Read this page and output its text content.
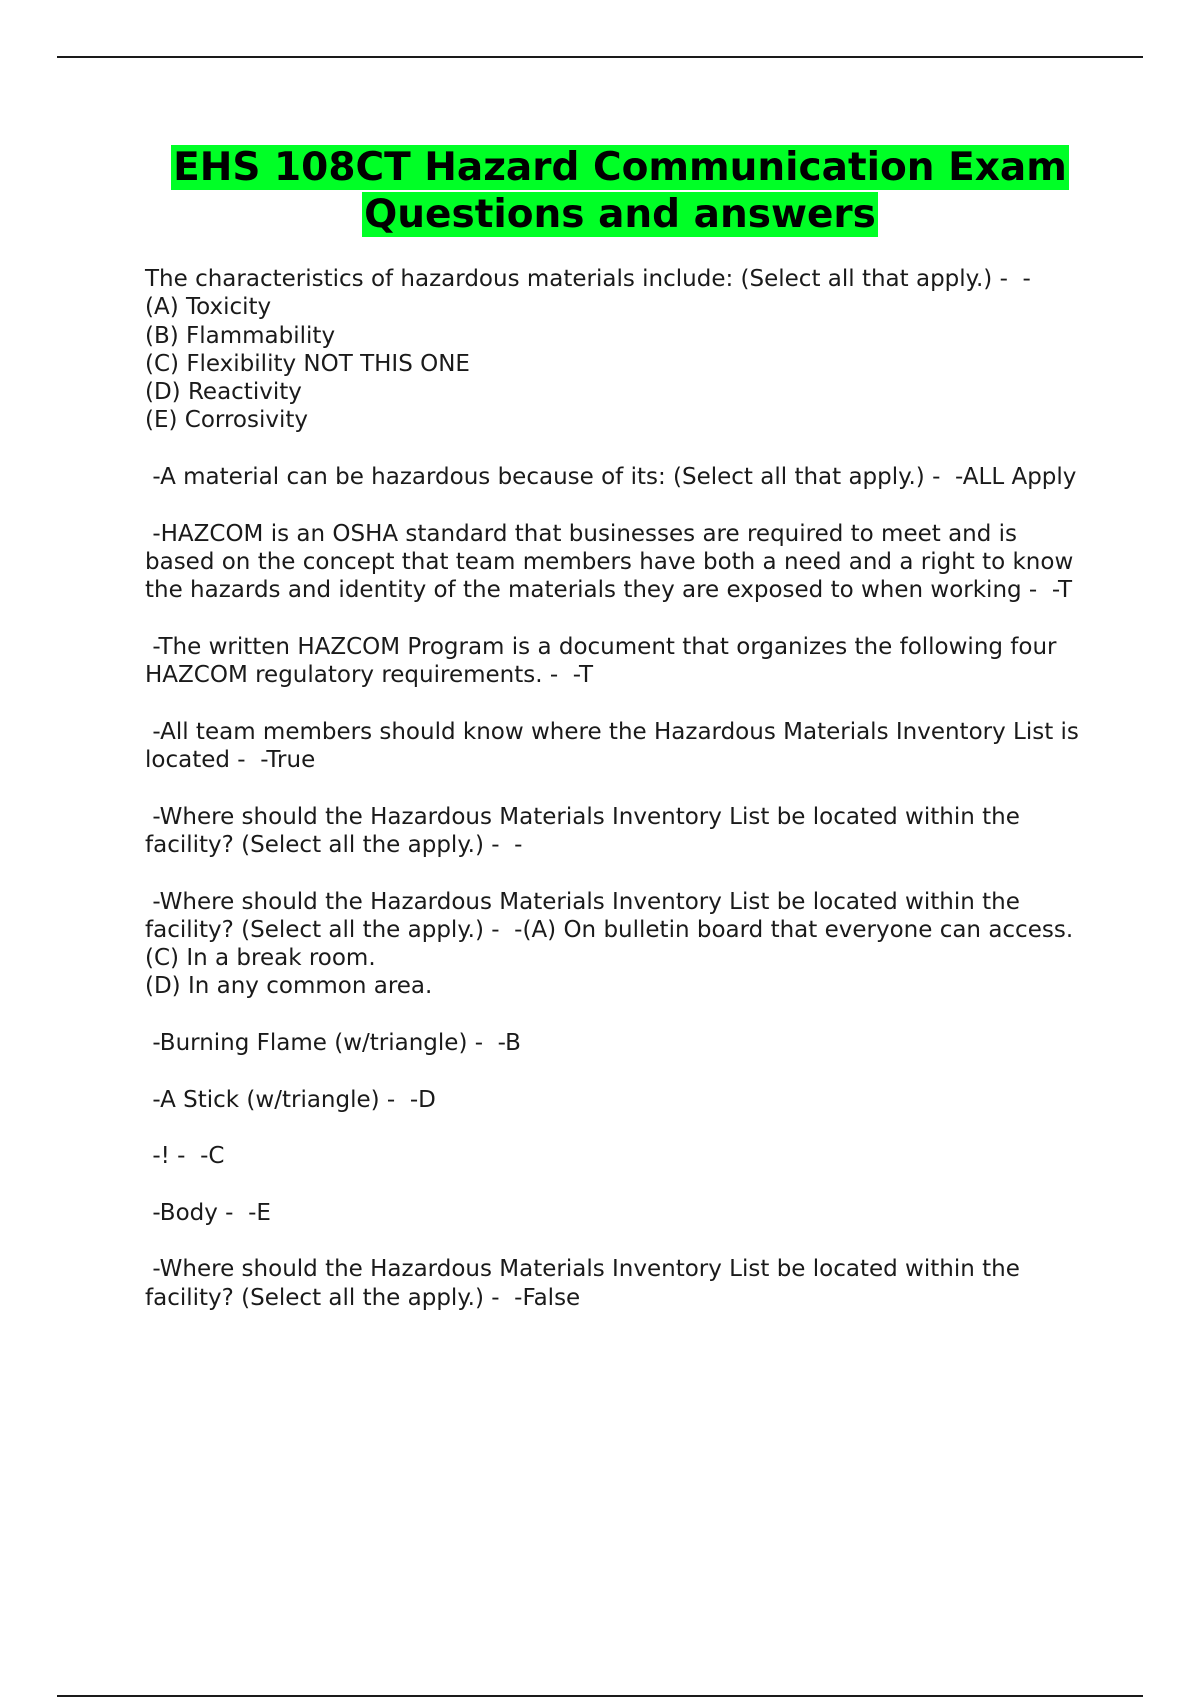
EHS 108CT Hazard Communication Exam
Questions and answers

The characteristics of hazardous materials include: (Select all that apply.) -  -
(A) Toxicity
(B) Flammability
(C) Flexibility NOT THIS ONE
(D) Reactivity
(E) Corrosivity

-A material can be hazardous because of its: (Select all that apply.) -  -ALL Apply

-HAZCOM is an OSHA standard that businesses are required to meet and is based on the concept that team members have both a need and a right to know the hazards and identity of the materials they are exposed to when working -  -T

-The written HAZCOM Program is a document that organizes the following four HAZCOM regulatory requirements. -  -T

-All team members should know where the Hazardous Materials Inventory List is located -  -True

-Where should the Hazardous Materials Inventory List be located within the facility? (Select all the apply.) -  -

-Where should the Hazardous Materials Inventory List be located within the facility? (Select all the apply.) -  -(A) On bulletin board that everyone can access.
(C) In a break room.
(D) In any common area.

-Burning Flame (w/triangle) -  -B

-A Stick (w/triangle) -  -D

-! -  -C

-Body -  -E

-Where should the Hazardous Materials Inventory List be located within the facility? (Select all the apply.) -  -False
